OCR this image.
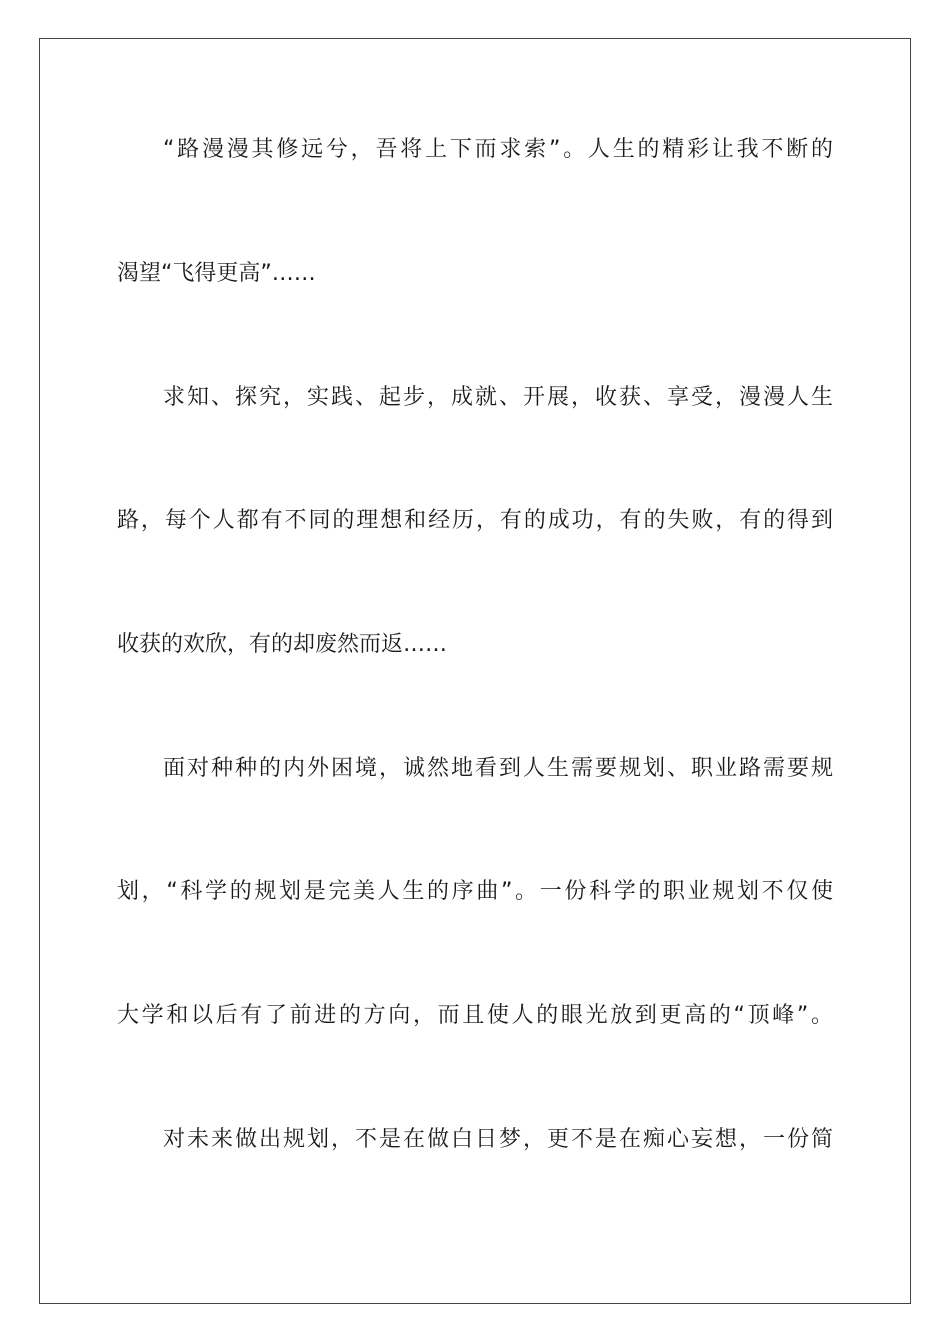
“路漫漫其修远兮，吾将上下而求索”。人生的精彩让我不断的
渴望“飞得更高”……
求知、探究，实践、起步，成就、开展，收获、享受，漫漫人生
路，每个人都有不同的理想和经历，有的成功，有的失败，有的得到
收获的欢欣，有的却废然而返……
面对种种的内外困境，诚然地看到人生需要规划、职业路需要规
划，“科学的规划是完美人生的序曲”。一份科学的职业规划不仅使
大学和以后有了前进的方向，而且使人的眼光放到更高的“顶峰”。
对未来做出规划，不是在做白日梦，更不是在痴心妄想，一份简
